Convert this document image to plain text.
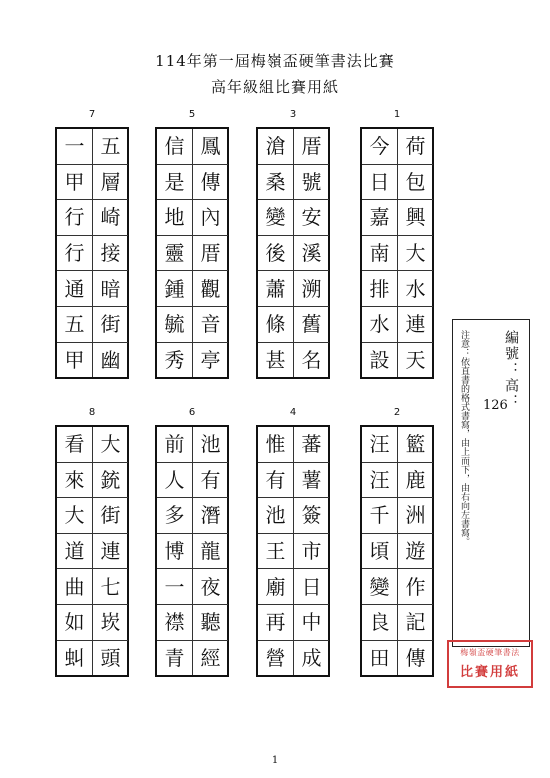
114年第一屆梅嶺盃硬筆書法比賽
高年級組比賽用紙
7
一	五
甲	層
行	崎
行	接
通	暗
五	街
甲	幽
5
信	鳳
是	傳
地	內
靈	厝
鍾	觀
毓	音
秀	亭
3
滄	厝
桑	號
變	安
後	溪
蕭	溯
條	舊
甚	名
1
今	荷
日	包
嘉	興
南	大
排	水
水	連
設	天
8
看	大
來	銃
大	街
道	連
曲	七
如	崁
虯	頭
6
前	池
人	有
多	潛
博	龍
一	夜
襟	聽
青	經
4
惟	蕃
有	薯
池	簽
王	市
廟	日
再	中
營	成
2
汪	籃
汪	鹿
千	洲
頃	遊
變	作
良	記
田	傳
編號：高：
126
注意：依直書的格式書寫，由上而下，由右向左書寫。
梅嶺盃硬筆書法
比賽用紙
1
